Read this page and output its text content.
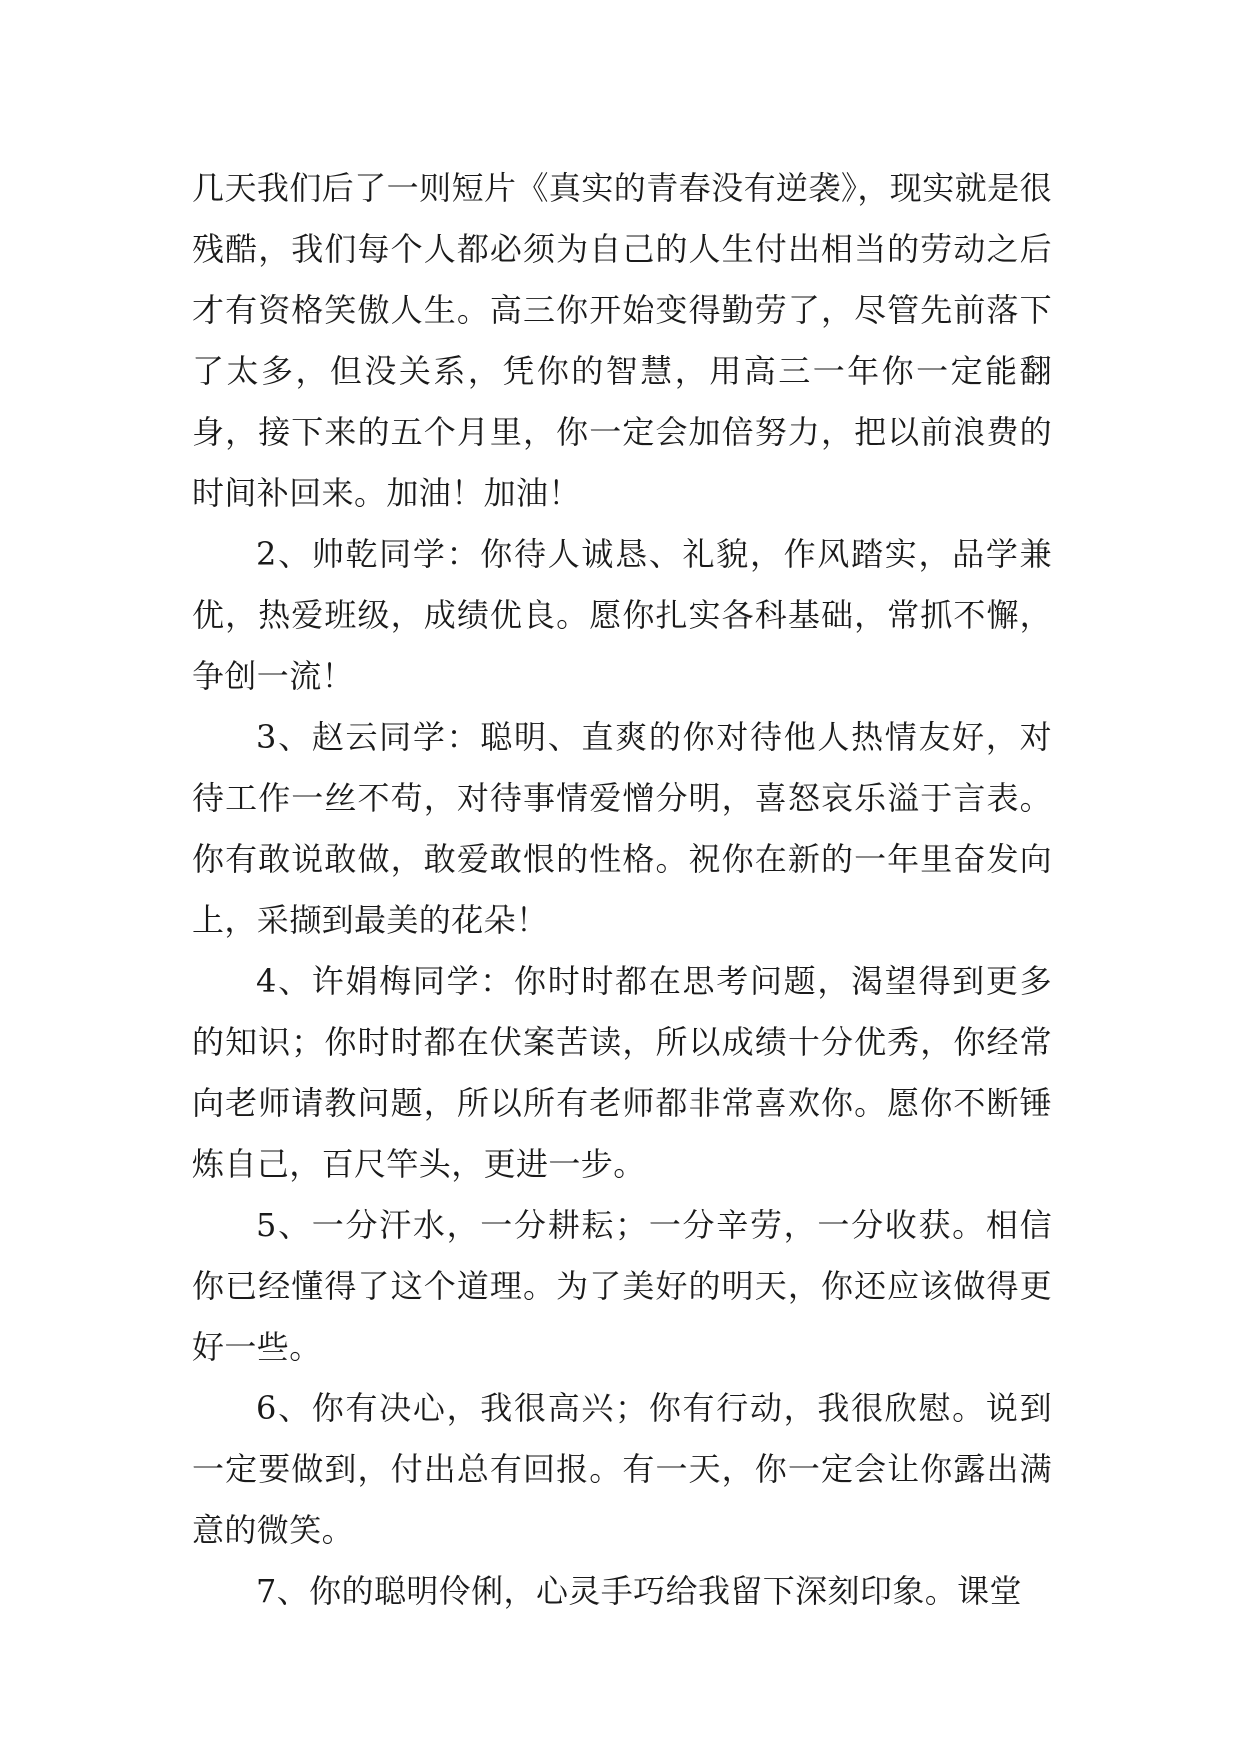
几天我们后了一则短片《真实的青春没有逆袭》，现实就是很残酷，我们每个人都必须为自己的人生付出相当的劳动之后才有资格笑傲人生。高三你开始变得勤劳了，尽管先前落下了太多，但没关系，凭你的智慧，用高三一年你一定能翻身，接下来的五个月里，你一定会加倍努力，把以前浪费的时间补回来。加油！加油！

2、帅乾同学：你待人诚恳、礼貌，作风踏实，品学兼优，热爱班级，成绩优良。愿你扎实各科基础，常抓不懈，争创一流！

3、赵云同学：聪明、直爽的你对待他人热情友好，对待工作一丝不苟，对待事情爱憎分明，喜怒哀乐溢于言表。你有敢说敢做，敢爱敢恨的性格。祝你在新的一年里奋发向上，采撷到最美的花朵！

4、许娟梅同学：你时时都在思考问题，渴望得到更多的知识；你时时都在伏案苦读，所以成绩十分优秀，你经常向老师请教问题，所以所有老师都非常喜欢你。愿你不断锤炼自己，百尺竿头，更进一步。

5、一分汗水，一分耕耘；一分辛劳，一分收获。相信你已经懂得了这个道理。为了美好的明天，你还应该做得更好一些。

6、你有决心，我很高兴；你有行动，我很欣慰。说到一定要做到，付出总有回报。有一天，你一定会让你露出满意的微笑。

7、你的聪明伶俐，心灵手巧给我留下深刻印象。课堂
